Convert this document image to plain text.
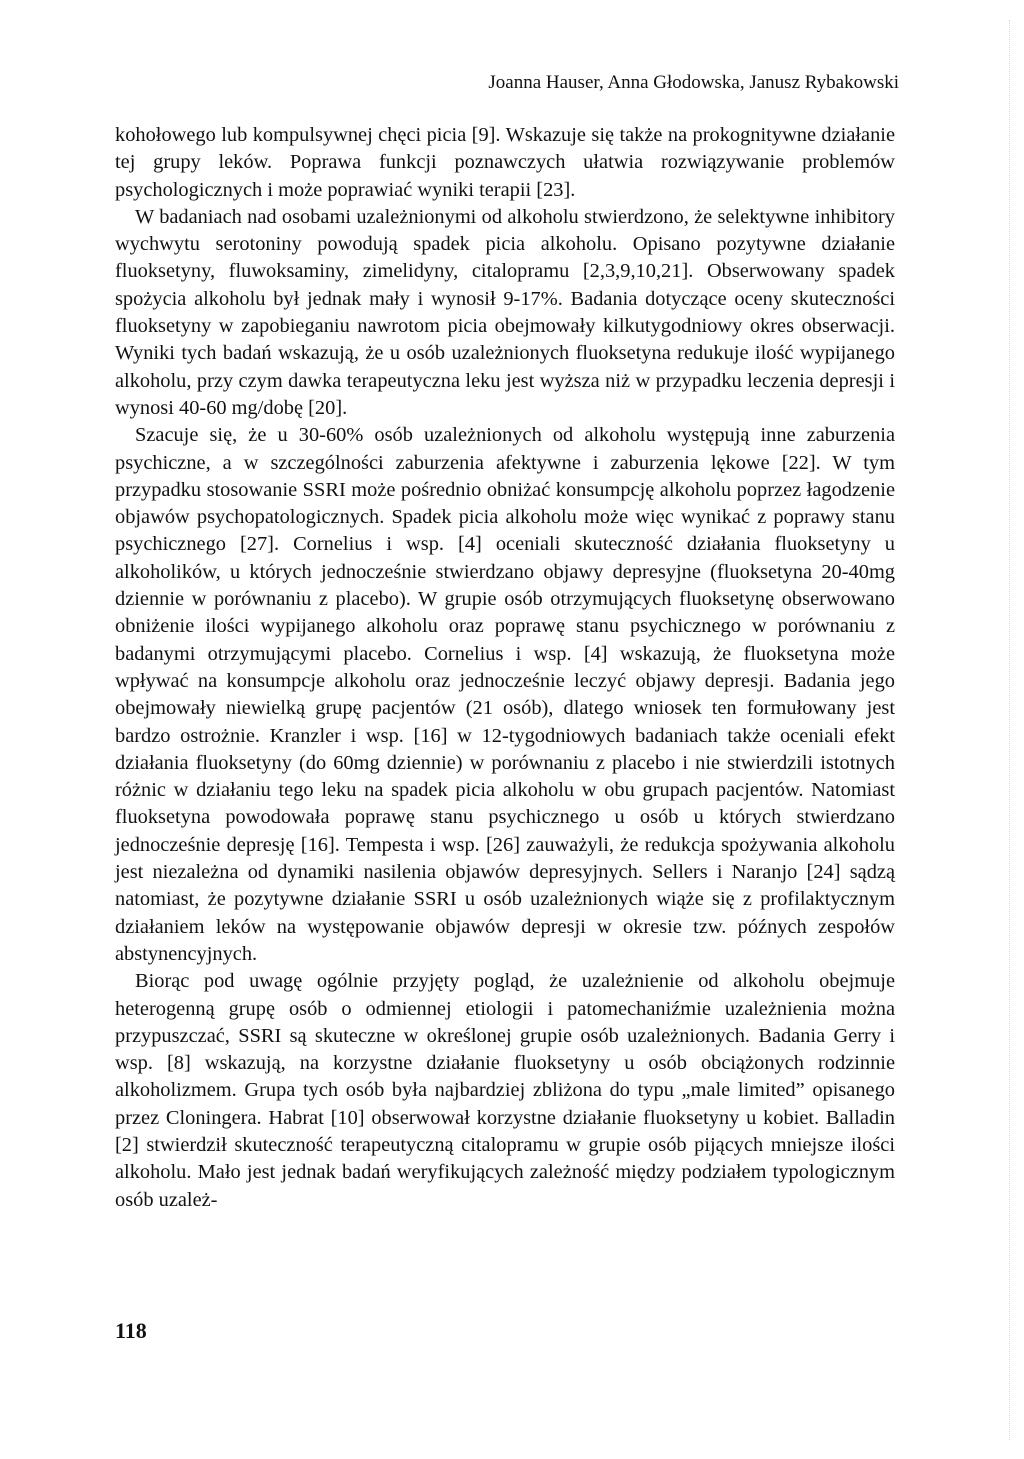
Joanna Hauser, Anna Głodowska, Janusz Rybakowski

kohołowego lub kompulsywnej chęci picia [9]. Wskazuje się także na prokognitywne działanie tej grupy leków. Poprawa funkcji poznawczych ułatwia rozwiązywanie problemów psychologicznych i może poprawiać wyniki terapii [23].

W badaniach nad osobami uzależnionymi od alkoholu stwierdzono, że selektywne inhibitory wychwytu serotoniny powodują spadek picia alkoholu. Opisano pozytywne działanie fluoksetyny, fluwoksaminy, zimelidyny, citalopramu [2,3,9,10,21]. Obserwowany spadek spożycia alkoholu był jednak mały i wynosił 9-17%. Badania dotyczące oceny skuteczności fluoksetyny w zapobieganiu nawrotom picia obejmowały kilkutygodniowy okres obserwacji. Wyniki tych badań wskazują, że u osób uzależnionych fluoksetyna redukuje ilość wypijanego alkoholu, przy czym dawka terapeutyczna leku jest wyższa niż w przypadku leczenia depresji i wynosi 40-60 mg/dobę [20].

Szacuje się, że u 30-60% osób uzależnionych od alkoholu występują inne zaburzenia psychiczne, a w szczególności zaburzenia afektywne i zaburzenia lękowe [22]. W tym przypadku stosowanie SSRI może pośrednio obniżać konsumpcję alkoholu poprzez łagodzenie objawów psychopatologicznych. Spadek picia alkoholu może więc wynikać z poprawy stanu psychicznego [27]. Cornelius i wsp. [4] oceniali skuteczność działania fluoksetyny u alkoholików, u których jednocześnie stwierdzano objawy depresyjne (fluoksetyna 20-40mg dziennie w porównaniu z placebo). W grupie osób otrzymujących fluoksetynę obserwowano obniżenie ilości wypijanego alkoholu oraz poprawę stanu psychicznego w porównaniu z badanymi otrzymującymi placebo. Cornelius i wsp. [4] wskazują, że fluoksetyna może wpływać na konsumpcje alkoholu oraz jednocześnie leczyć objawy depresji. Badania jego obejmowały niewielką grupę pacjentów (21 osób), dlatego wniosek ten formułowany jest bardzo ostrożnie. Kranzler i wsp. [16] w 12-tygodniowych badaniach także oceniali efekt działania fluoksetyny (do 60mg dziennie) w porównaniu z placebo i nie stwierdzili istotnych różnic w działaniu tego leku na spadek picia alkoholu w obu grupach pacjentów. Natomiast fluoksetyna powodowała poprawę stanu psychicznego u osób u których stwierdzano jednocześnie depresję [16]. Tempesta i wsp. [26] zauważyli, że redukcja spożywania alkoholu jest niezależna od dynamiki nasilenia objawów depresyjnych. Sellers i Naranjo [24] sądzą natomiast, że pozytywne działanie SSRI u osób uzależnionych wiąże się z profilaktycznym działaniem leków na występowanie objawów depresji w okresie tzw. późnych zespołów abstynencyjnych.

Biorąc pod uwagę ogólnie przyjęty pogląd, że uzależnienie od alkoholu obejmuje heterogenną grupę osób o odmiennej etiologii i patomechaniźmie uzależnienia można przypuszczać, SSRI są skuteczne w określonej grupie osób uzależnionych. Badania Gerry i wsp. [8] wskazują, na korzystne działanie fluoksetyny u osób obciążonych rodzinnie alkoholizmem. Grupa tych osób była najbardziej zbliżona do typu „male limited” opisanego przez Cloningera. Habrat [10] obserwował korzystne działanie fluoksetyny u kobiet. Balladin [2] stwierdził skuteczność terapeutyczną citalopramu w grupie osób pijących mniejsze ilości alkoholu. Mało jest jednak badań weryfikujących zależność między podziałem typologicznym osób uzależ-

118
